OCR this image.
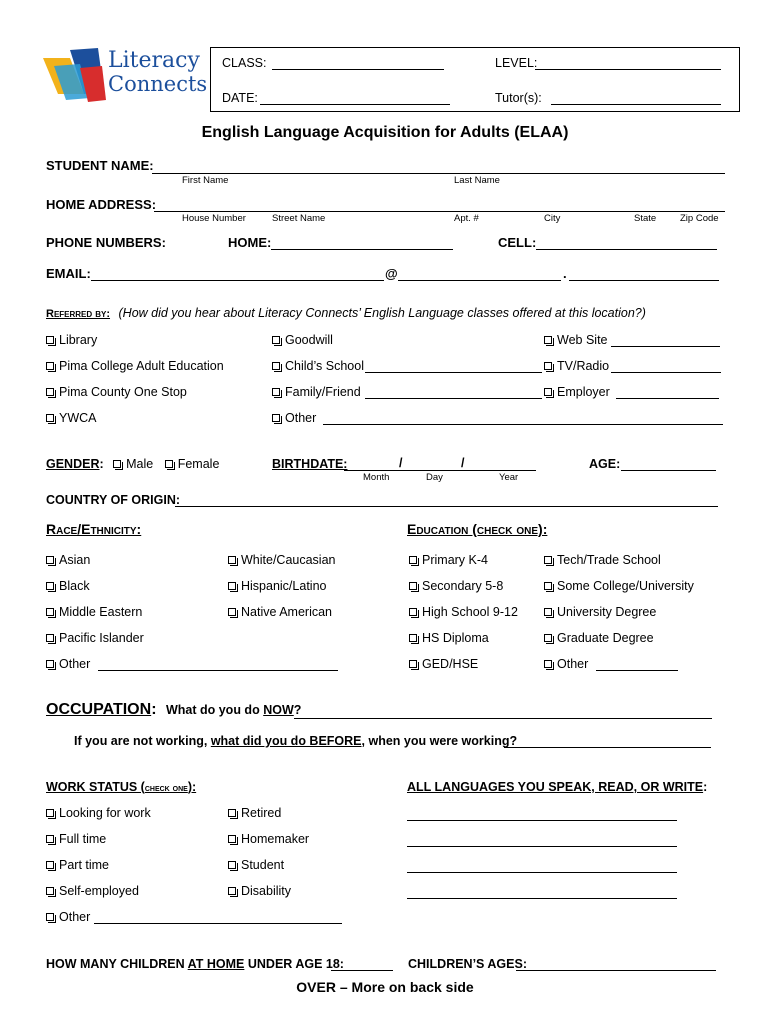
Literacy
Connects
CLASS:	LEVEL:
DATE:	Tutor(s):
English Language Acquisition for Adults (ELAA)
STUDENT NAME:
First Name	Last Name
HOME ADDRESS:
House Number	Street Name	Apt. #	City	State	Zip Code
PHONE NUMBERS:	HOME:	CELL:
EMAIL:	@	.
Referred by: (How did you hear about Literacy Connects’ English Language classes offered at this location?)
Library	Goodwill	Web Site
Pima College Adult Education	Child’s School	TV/Radio
Pima County One Stop	Family/Friend	Employer
YWCA	Other
GENDER: Male Female	BIRTHDATE:	/	/
Month	Day	Year
AGE:
COUNTRY OF ORIGIN:
Race/Ethnicity:	Education (check one):
Asian	White/Caucasian
Black	Hispanic/Latino
Middle Eastern	Native American
Pacific Islander
Other
Primary K-4	Tech/Trade School
Secondary 5-8	Some College/University
High School 9-12	University Degree
HS Diploma	Graduate Degree
GED/HSE	Other
OCCUPATION: What do you do NOW?
If you are not working, what did you do BEFORE, when you were working?
WORK STATUS (check one):	ALL LANGUAGES YOU SPEAK, READ, OR WRITE:
Looking for work	Retired
Full time	Homemaker
Part time	Student
Self-employed	Disability
Other
HOW MANY CHILDREN AT HOME UNDER AGE 18:	CHILDREN’S AGES:
OVER – More on back side
